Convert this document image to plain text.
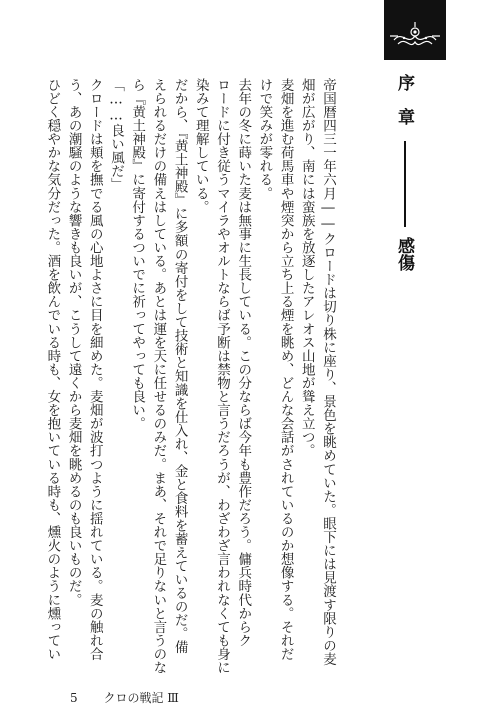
序　章
感傷

帝国暦四三一年六月――クロードは切り株に座り、景色を眺めていた。眼下には見渡す限りの麦

畑が広がり、南には蛮族を放逐したアレオス山地が聳え立つ。

麦畑を進む荷馬車や煙突から立ち上る煙を眺め、どんな会話がされているのか想像する。それだ

けで笑みが零れる。

去年の冬に蒔いた麦は無事に生長している。この分ならば今年も豊作だろう。傭兵時代からク

ロードに付き従うマイラやオルトならば予断は禁物と言うだろうが、わざわざ言われなくても身に

染みて理解している。

だから、『黄土神殿』に多額の寄付をして技術と知識を仕入れ、金と食料を蓄えているのだ。備

えられるだけの備えはしている。あとは運を天に任せるのみだ。まあ、それで足りないと言うのな

ら『黄土神殿』に寄付するついでに祈ってやっても良い。

「……良い風だ」

クロードは頬を撫でる風の心地よさに目を細めた。麦畑が波打つように揺れている。麦の触れ合

う、あの潮騒のような響きも良いが、こうして遠くから麦畑を眺めるのも良いものだ。

ひどく穏やかな気分だった。酒を飲んでいる時も、女を抱いている時も、燻火のように燻ってい

5 クロの戦記 Ⅲ
